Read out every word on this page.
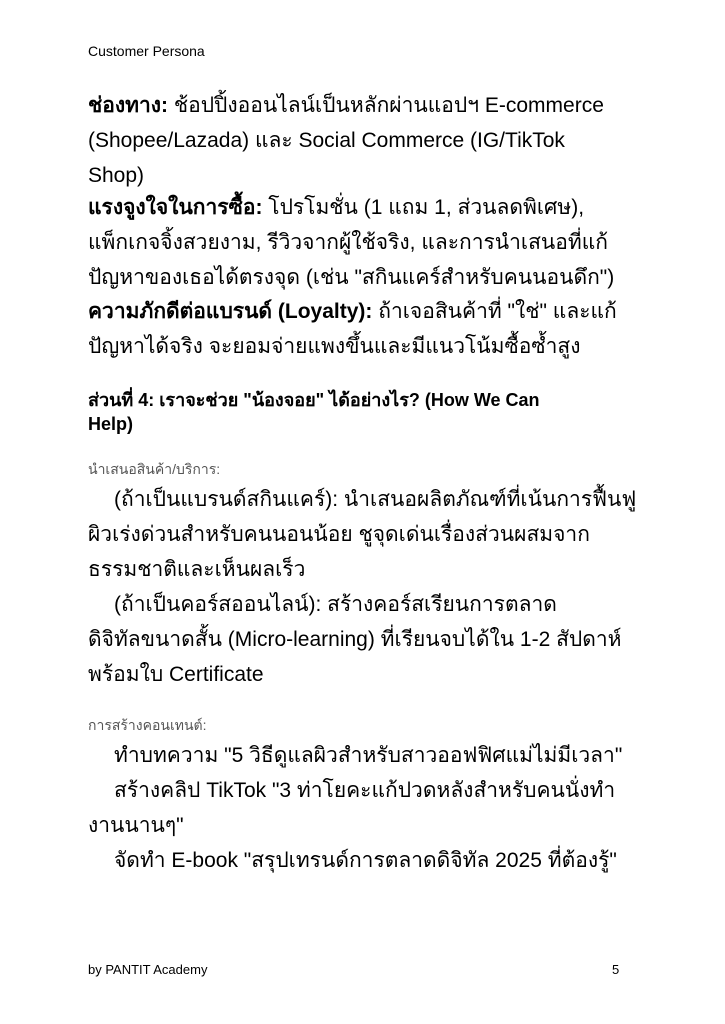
Customer Persona
ช่องทาง: ช้อปปิ้งออนไลน์เป็นหลักผ่านแอปฯ E-commerce
(Shopee/Lazada) และ Social Commerce (IG/TikTok
Shop)
แรงจูงใจในการซื้อ: โปรโมชั่น (1 แถม 1, ส่วนลดพิเศษ),
แพ็กเกจจิ้งสวยงาม, รีวิวจากผู้ใช้จริง, และการนำเสนอที่แก้
ปัญหาของเธอได้ตรงจุด (เช่น "สกินแคร์สำหรับคนนอนดึก")
ความภักดีต่อแบรนด์ (Loyalty): ถ้าเจอสินค้าที่ "ใช่" และแก้
ปัญหาได้จริง จะยอมจ่ายแพงขึ้นและมีแนวโน้มซื้อซ้ำสูง
ส่วนที่ 4: เราจะช่วย "น้องจอย" ได้อย่างไร? (How We Can
Help)
นำเสนอสินค้า/บริการ:
(ถ้าเป็นแบรนด์สกินแคร์): นำเสนอผลิตภัณฑ์ที่เน้นการฟื้นฟู
ผิวเร่งด่วนสำหรับคนนอนน้อย ชูจุดเด่นเรื่องส่วนผสมจาก
ธรรมชาติและเห็นผลเร็ว
(ถ้าเป็นคอร์สออนไลน์): สร้างคอร์สเรียนการตลาด
ดิจิทัลขนาดสั้น (Micro-learning) ที่เรียนจบได้ใน 1-2 สัปดาห์
พร้อมใบ Certificate
การสร้างคอนเทนต์:
ทำบทความ "5 วิธีดูแลผิวสำหรับสาวออฟฟิศแม่ไม่มีเวลา"
สร้างคลิป TikTok "3 ท่าโยคะแก้ปวดหลังสำหรับคนนั่งทำ
งานนานๆ"
จัดทำ E-book "สรุปเทรนด์การตลาดดิจิทัล 2025 ที่ต้องรู้"
by PANTIT Academy	5
